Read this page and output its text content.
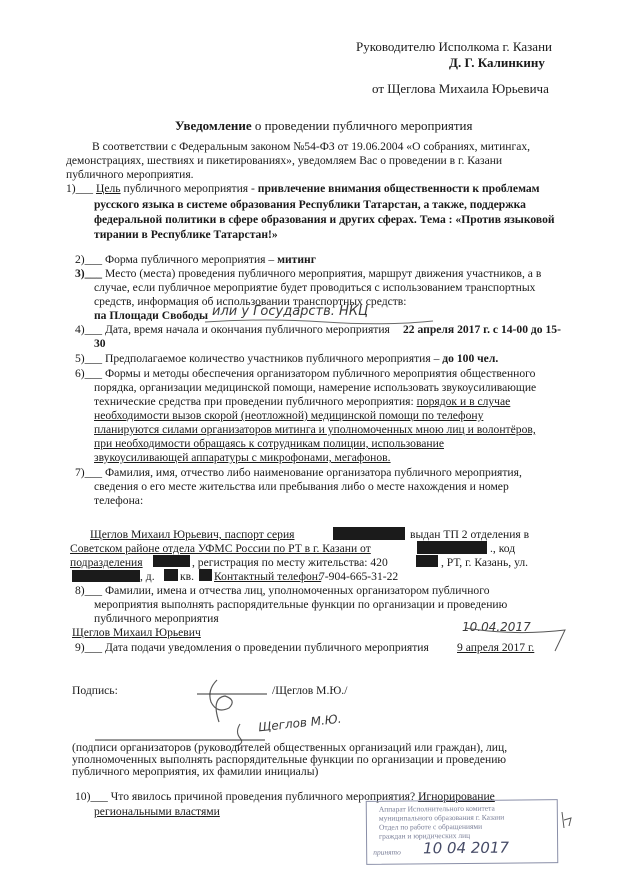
Руководителю Исполкома г. Казани
Д. Г. Калинкину
от Щеглова Михаила Юрьевича
Уведомление о проведении публичного мероприятия
В соответствии с Федеральным законом №54-ФЗ от 19.06.2004 «О собраниях, митингах,
демонстрациях, шествиях и пикетированиях», уведомляем Вас о проведении в г. Казани
публичного мероприятия.
1)___ Цель публичного мероприятия - привлечение внимания общественности к проблемам
русского языка в системе образования Республики Татарстан, а также, поддержка
федеральной политики в сфере образования и других сферах. Тема : «Против языковой
тирании в Республике Татарстан!»
2)___ Форма публичного мероприятия – митинг
3)___ Место (места) проведения публичного мероприятия, маршрут движения участников, а в
случае, если публичное мероприятие будет проводиться с использованием транспортных
средств, информация об использовании транспортных средств:
па Площади Свободы или у Государств. НКЦ
4)___ Дата, время начала и окончания публичного мероприятия 22 апреля 2017 г. с 14-00 до 15-
30
5)___ Предполагаемое количество участников публичного мероприятия – до 100 чел.
6)___ Формы и методы обеспечения организатором публичного мероприятия общественного
порядка, организации медицинской помощи, намерение использовать звукоусиливающие
технические средства при проведении публичного мероприятия: порядок и в случае
необходимости вызов скорой (неотложной) медицинской помощи по телефону
планируются силами организаторов митинга и уполномоченных мною лиц и волонтёров,
при необходимости обращаясь к сотрудникам полиции, использование
звукоусиливающей аппаратуры с микрофонами, мегафонов.
7)___ Фамилия, имя, отчество либо наименование организатора публичного мероприятия,
сведения о его месте жительства или пребывания либо о месте нахождения и номер
телефона:
Щеглов Михаил Юрьевич, паспорт серия	выдан ТП 2 отделения в
Советском районе отдела УФМС России по РТ в г. Казани от	., код
подразделения	, регистрация по месту жительства: 420	, РТ, г. Казань, ул.
, д. кв. Контактный телефон:
7-904-665-31-22
8)___ Фамилии, имена и отчества лиц, уполномоченных организатором публичного
мероприятия выполнять распорядительные функции по организации и проведению
публичного мероприятия
Щеглов Михаил Юрьевич	10.04.2017
9)___ Дата подачи уведомления о проведении публичного мероприятия 9 апреля 2017 г.
Подпись:	/Щеглов М.Ю./
Щеглов М.Ю.
(подписи организаторов (руководителей общественных организаций или граждан), лиц,
уполномоченных выполнять распорядительные функции по организации и проведению
публичного мероприятия, их фамилии инициалы)
10)___ Что явилось причиной проведения публичного мероприятия? Игнорирование
региональными властями	Аппарат Исполнительного комитета
муниципального образования г. Казани
Отдел по работе с обращениями
граждан и юридических лиц
принято 10 04 2017
